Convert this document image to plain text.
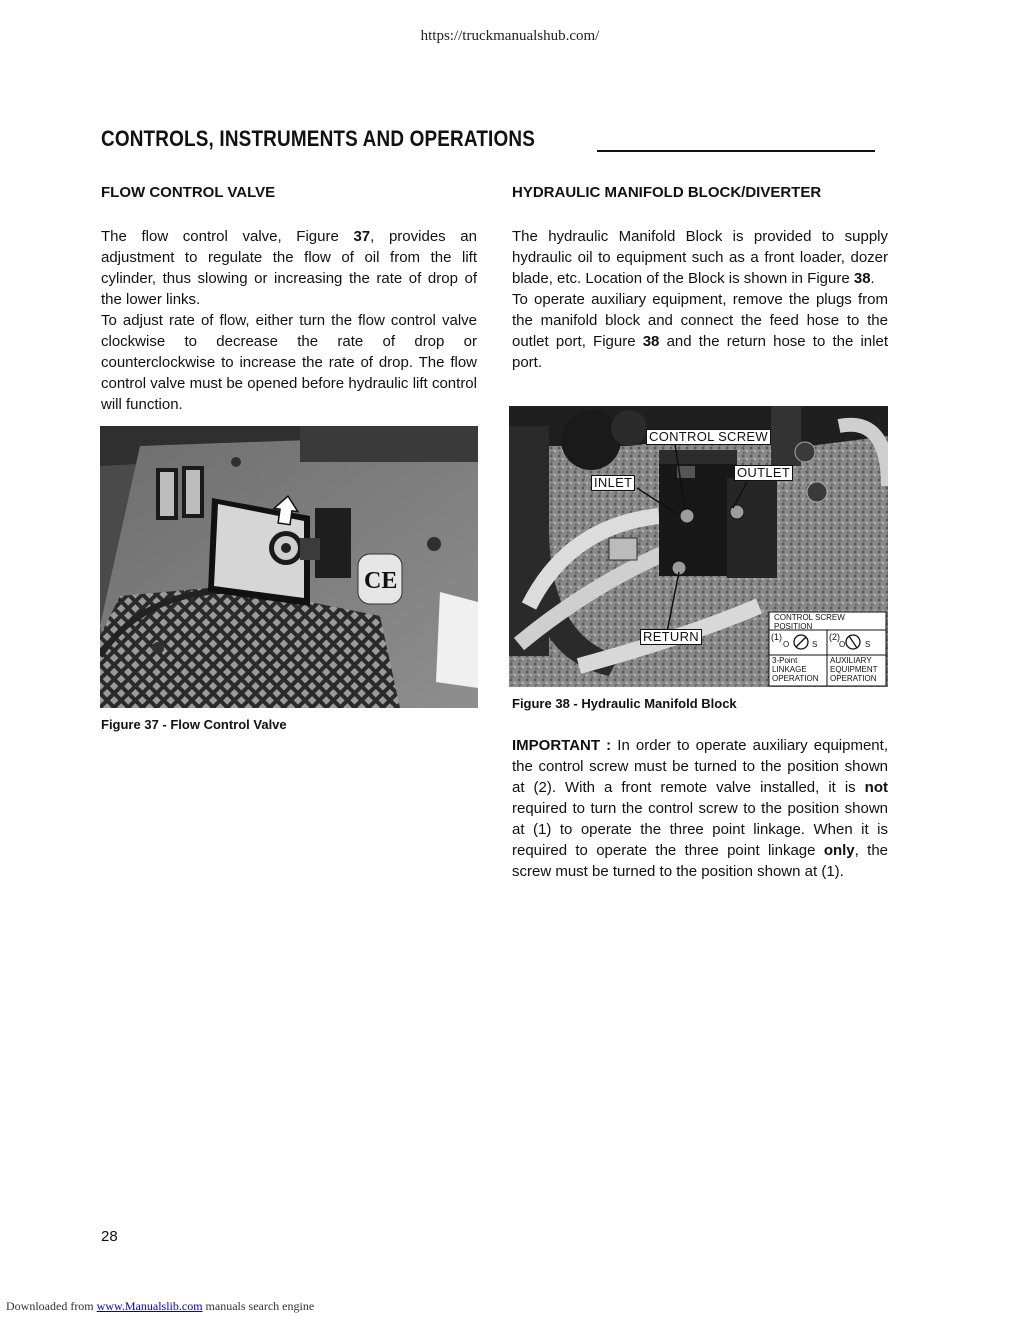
https://truckmanualshub.com/
CONTROLS, INSTRUMENTS AND OPERATIONS
FLOW CONTROL VALVE

The flow control valve, Figure 37, provides an adjustment to regulate the flow of oil from the lift cylinder, thus slowing or increasing the rate of drop of the lower links.

To adjust rate of flow, either turn the flow control valve clockwise to decrease the rate of drop or counterclockwise to increase the rate of drop. The flow control valve must be opened before hydraulic lift control will function.

CE
Figure 37 - Flow Control Valve
HYDRAULIC MANIFOLD BLOCK/DIVERTER

The hydraulic Manifold Block is provided to supply hydraulic oil to equipment such as a front loader, dozer blade, etc. Location of the Block is shown in Figure 38.

To operate auxiliary equipment, remove the plugs from the manifold block and connect the feed hose to the outlet port, Figure 38 and the return hose to the inlet port.

CONTROL SCREW
OUTLET
INLET
RETURN
CONTROL SCREW POSITION
(1)
O	S
(2)
O S
3-Point LINKAGE OPERATION
AUXILIARY EQUIPMENT OPERATION
Figure 38 - Hydraulic Manifold Block

IMPORTANT : In order to operate auxiliary equipment, the control screw must be turned to the position shown at (2). With a front remote valve installed, it is not required to turn the control screw to the position shown at (1) to operate the three point linkage. When it is required to operate the three point linkage only, the screw must be turned to the position shown at (1).

28
Downloaded from www.Manualslib.com manuals search engine
